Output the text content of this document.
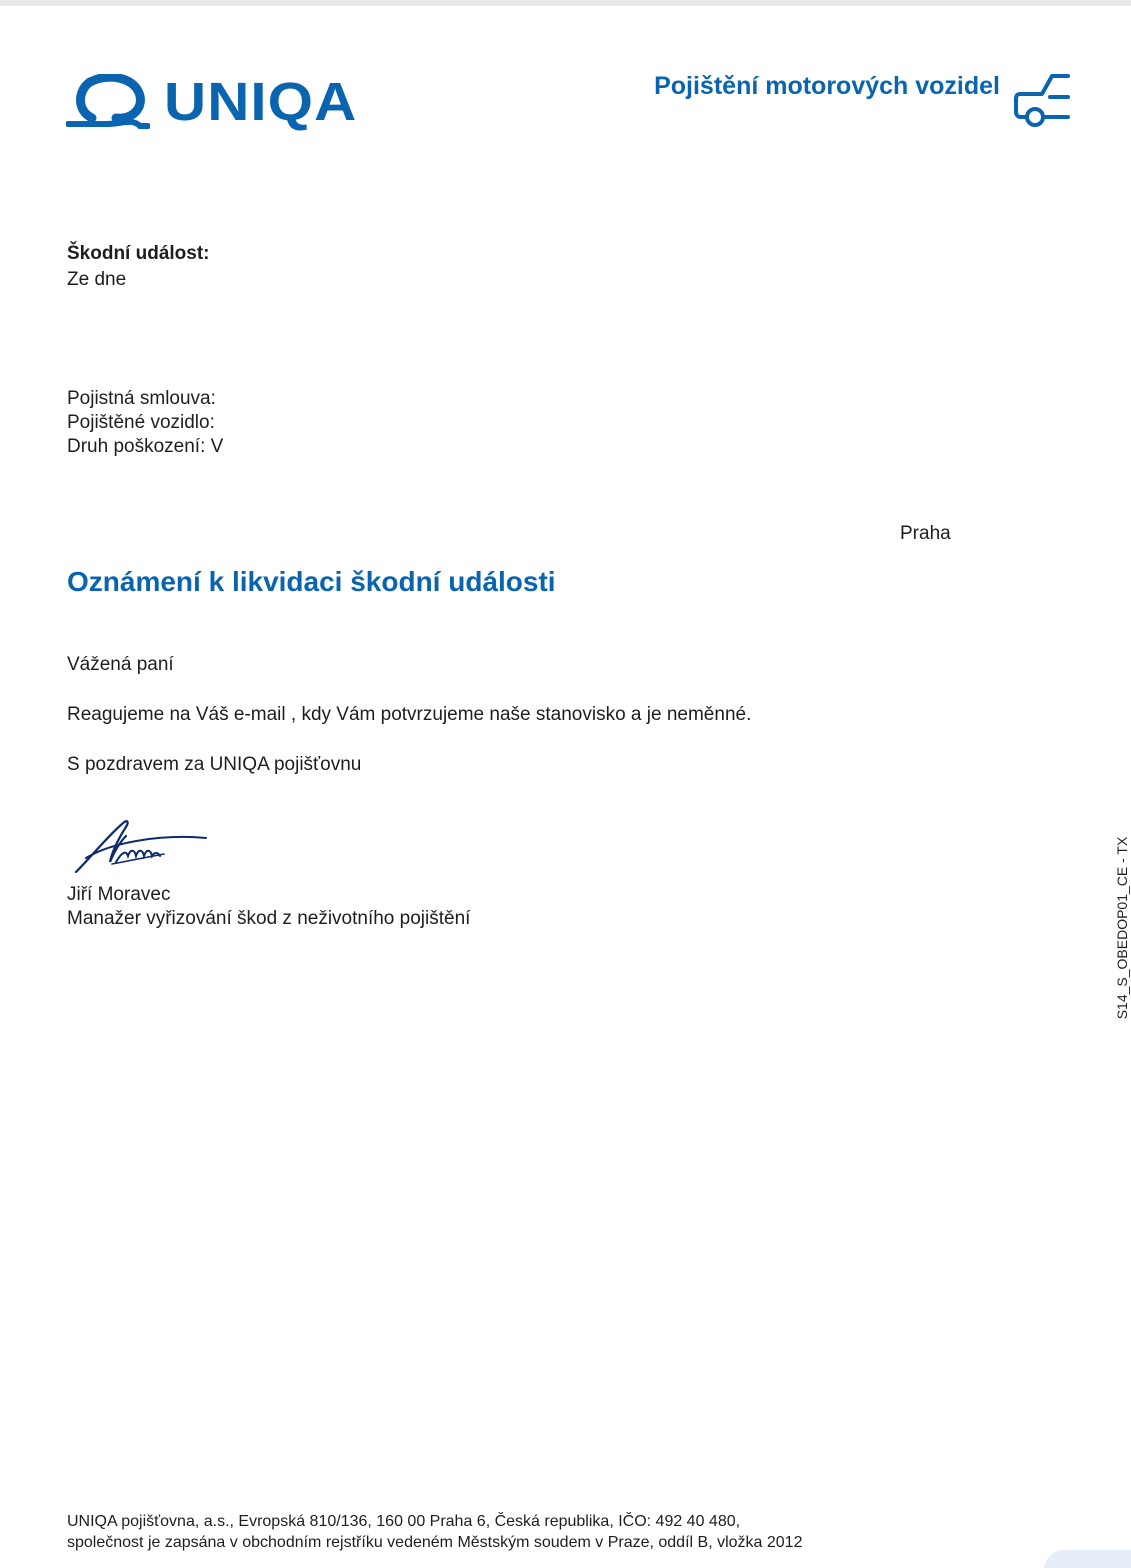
UNIQA	Pojištění motorových vozidel
Škodní událost:
Ze dne
Pojistná smlouva:
Pojištěné vozidlo:
Druh poškození: V
Praha
Oznámení k likvidaci škodní události
Vážená paní
Reagujeme na Váš e-mail , kdy Vám potvrzujeme naše stanovisko a je neměnné.
S pozdravem za UNIQA pojišťovnu
Jiří Moravec
Manažer vyřizování škod z neživotního pojištění	S14_S_OBEDOP01_CE - TX
UNIQA pojišťovna, a.s., Evropská 810/136, 160 00 Praha 6, Česká republika, IČO: 492 40 480,
společnost je zapsána v obchodním rejstříku vedeném Městským soudem v Praze, oddíl B, vložka 2012
